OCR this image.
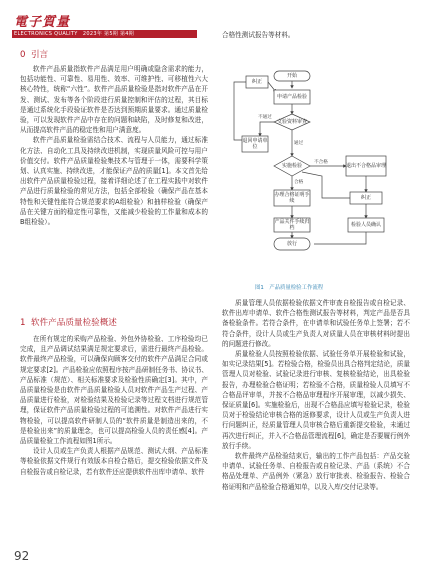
電子質量
ELECTRONICS QUALITY　2023年 第5期 第4期
0 引言

软件产品质量指软件产品满足用户明确或隐含需求的能力，包括功能性、可靠性、易用性、效率、可维护性、可移植性六大核心特性，统称“六性”。软件产品质量检验是指对软件产品在开发、测试、发布等各个阶段进行质量控制和评估的过程，其目标是通过系统化手段验证软件是否达到预期质量要求。通过质量检验，可以发现软件产品中存在的问题和缺陷，及时修复和改进，从而提高软件产品的稳定性和用户满意度。

软件产品质量检验需结合技术、流程与人员能力，通过标准化方法、自动化工具及持续改进机制，实现质量风险可控与用户价值交付。软件产品质量检验集技术与管理于一体，需要科学策划、认真实施、持续改进，才能保证产品的质量[1]。本文首先给出软件产品质量检验过程，接着详细论述了在工程实践中对软件产品进行质量检验的常见方法，包括全部检验（确保产品在基本特性和关键性能符合规范要求的A组检验）和抽样检验（确保产品在关键方面的稳定性可靠性，又能减少检验的工作量和成本的B组检验）。

1 软件产品质量检验概述

在所有规定的采购产品检验、外包外协检验、工序检验均已完成，且产品调试结果满足规定要求后，需进行最终产品检验。软件最终产品检验，可以确保向顾客交付的软件产品满足合同或规定要求[2]。产品检验应依照程序按产品研制任务书、协议书、产品标准（规范）、相关标准要求及检验性质确定[3]。其中，产品质量检验是由软件产品质量检验人员对软件产品生产过程、产品质量进行检验，对检验结果及检验记录等过程文档进行规范管理，保证软件产品质量检验过程的可追溯性。对软件产品进行实物检验，可以提高软件研制人员的“软件质量是制造出来的，不是检验出来”的质量理念，也可以提高检验人员的责任感[4]。产品质量检验工作流程如图1所示。

设计人员或生产负责人根据产品规范、测试大纲、产品标准等检验依据文件规行有效版本自检合格后，提交检验依据文件及自检报告或自检记录，若有软件还应提供软件出库申请单、软件

合格性测试报告等材料。

开始
申请产品检验
纠正
不通过
文验资料审查
退回申请单位
通过
实施检验
不合格
退出不合格品审理
合格
办理合格证明手续
纠正
产品关件手续归档
检验人员确认
放行
图1　产品质量检验工作流程

质量管理人员依据检验依据文件审查自检报告或自检记录、软件出库申请单、软件合格性测试报告等材料，判定产品是否具备检验条件。若符合条件，在申请单和试验任务单上签署；若不符合条件，设计人员或生产负责人对质量人员在审核材料时提出的问题进行修改。

质量检验人员按照检验依据、试验任务单开展检验和试验，如实记录结果[5]。若检验合格，检验员出具合格判定结论，质量管理人员对检验、试验记录进行审核、复核检验结论，出具检验报告，办理检验合格证明；若检验不合格，质量检验人员填写不合格品评审单，并按不合格品审理程序开展审理，以减少损失、保证质量[6]。实施检验后，出现不合格品应填写检验记录，检验员对于检验结论审核合格的返修要求，设计人员或生产负责人进行问题纠正，经质量管理人员审核合格后重新提交检验，未通过再次进行纠正，并入不合格品管理流程[6]，确定是否要履行例外放行手续。

软件最终产品检验结束后，输出的工作产品包括：产品交验申请单、试验任务单、自检报告或自检记录、产品（系统）不合格品处理单、产品例外（紧急）放行审批表、检验报告、检验合格证明和产品检验合格通知单，以及入库/交付记录等。

92
